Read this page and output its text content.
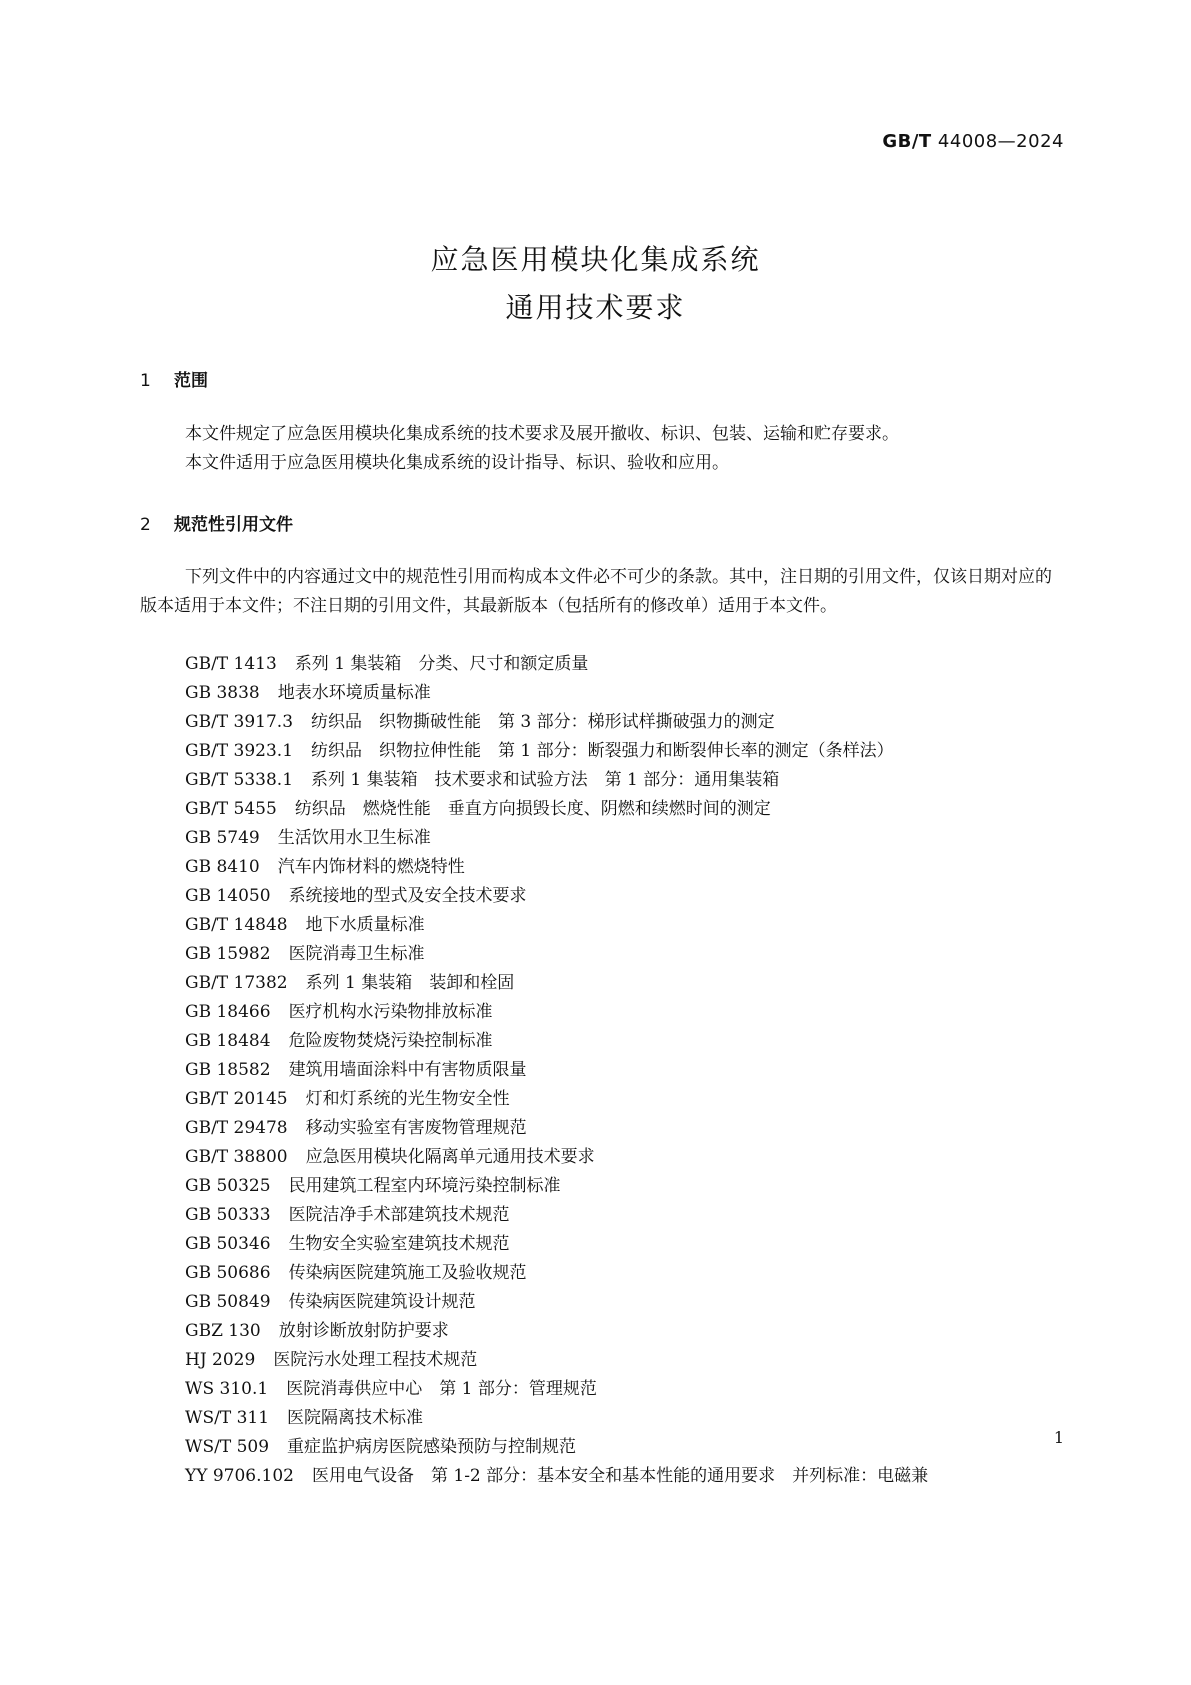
GB/T 44008—2024
应急医用模块化集成系统
通用技术要求
1 范围
本文件规定了应急医用模块化集成系统的技术要求及展开撤收、标识、包装、运输和贮存要求。
本文件适用于应急医用模块化集成系统的设计指导、标识、验收和应用。
2 规范性引用文件
下列文件中的内容通过文中的规范性引用而构成本文件必不可少的条款。其中，注日期的引用文件，仅该日期对应的版本适用于本文件；不注日期的引用文件，其最新版本（包括所有的修改单）适用于本文件。
GB/T 1413 系列 1 集装箱　分类、尺寸和额定质量
GB 3838 地表水环境质量标准
GB/T 3917.3 纺织品　织物撕破性能　第 3 部分：梯形试样撕破强力的测定
GB/T 3923.1 纺织品　织物拉伸性能　第 1 部分：断裂强力和断裂伸长率的测定（条样法）
GB/T 5338.1 系列 1 集装箱　技术要求和试验方法　第 1 部分：通用集装箱
GB/T 5455 纺织品　燃烧性能　垂直方向损毁长度、阴燃和续燃时间的测定
GB 5749 生活饮用水卫生标准
GB 8410 汽车内饰材料的燃烧特性
GB 14050 系统接地的型式及安全技术要求
GB/T 14848 地下水质量标准
GB 15982 医院消毒卫生标准
GB/T 17382 系列 1 集装箱　装卸和栓固
GB 18466 医疗机构水污染物排放标准
GB 18484 危险废物焚烧污染控制标准
GB 18582 建筑用墙面涂料中有害物质限量
GB/T 20145 灯和灯系统的光生物安全性
GB/T 29478 移动实验室有害废物管理规范
GB/T 38800 应急医用模块化隔离单元通用技术要求
GB 50325 民用建筑工程室内环境污染控制标准
GB 50333 医院洁净手术部建筑技术规范
GB 50346 生物安全实验室建筑技术规范
GB 50686 传染病医院建筑施工及验收规范
GB 50849 传染病医院建筑设计规范
GBZ 130 放射诊断放射防护要求
HJ 2029 医院污水处理工程技术规范
WS 310.1 医院消毒供应中心　第 1 部分：管理规范
WS/T 311 医院隔离技术标准
WS/T 509 重症监护病房医院感染预防与控制规范
YY 9706.102 医用电气设备　第 1-2 部分：基本安全和基本性能的通用要求　并列标准：电磁兼
1
